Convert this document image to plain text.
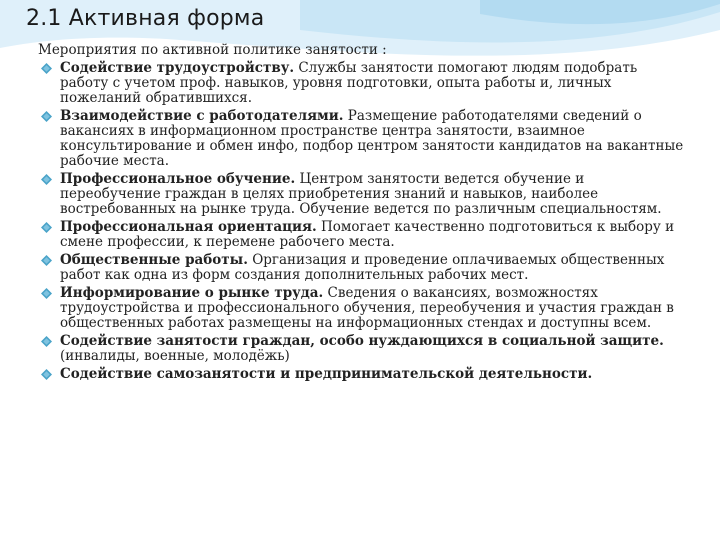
2.1 Активная форма
Мероприятия по активной политике занятости :
Содействие трудоустройству. Службы занятости помогают людям подобрать работу с учетом проф. навыков, уровня подготовки, опыта работы и, личных пожеланий обратившихся.
Взаимодействие с работодателями. Размещение работодателями сведений о вакансиях в информационном пространстве центра занятости, взаимное консультирование и обмен инфо, подбор центром занятости кандидатов на вакантные рабочие места.
Профессиональное обучение. Центром занятости ведется обучение и переобучение граждан в целях приобретения знаний и навыков, наиболее востребованных на рынке труда. Обучение ведется по различным специальностям.
Профессиональная ориентация. Помогает качественно подготовиться к выбору и смене профессии, к перемене рабочего места.
Общественные работы. Организация и проведение оплачиваемых общественных работ как одна из форм создания дополнительных рабочих мест.
Информирование о рынке труда. Сведения о вакансиях, возможностях трудоустройства и профессионального обучения, переобучения и участия граждан в общественных работах размещены на информационных стендах и доступны всем.
Содействие занятости граждан, особо нуждающихся в социальной защите. (инвалиды, военные, молодёжь)
Содействие самозанятости и предпринимательской деятельности.
